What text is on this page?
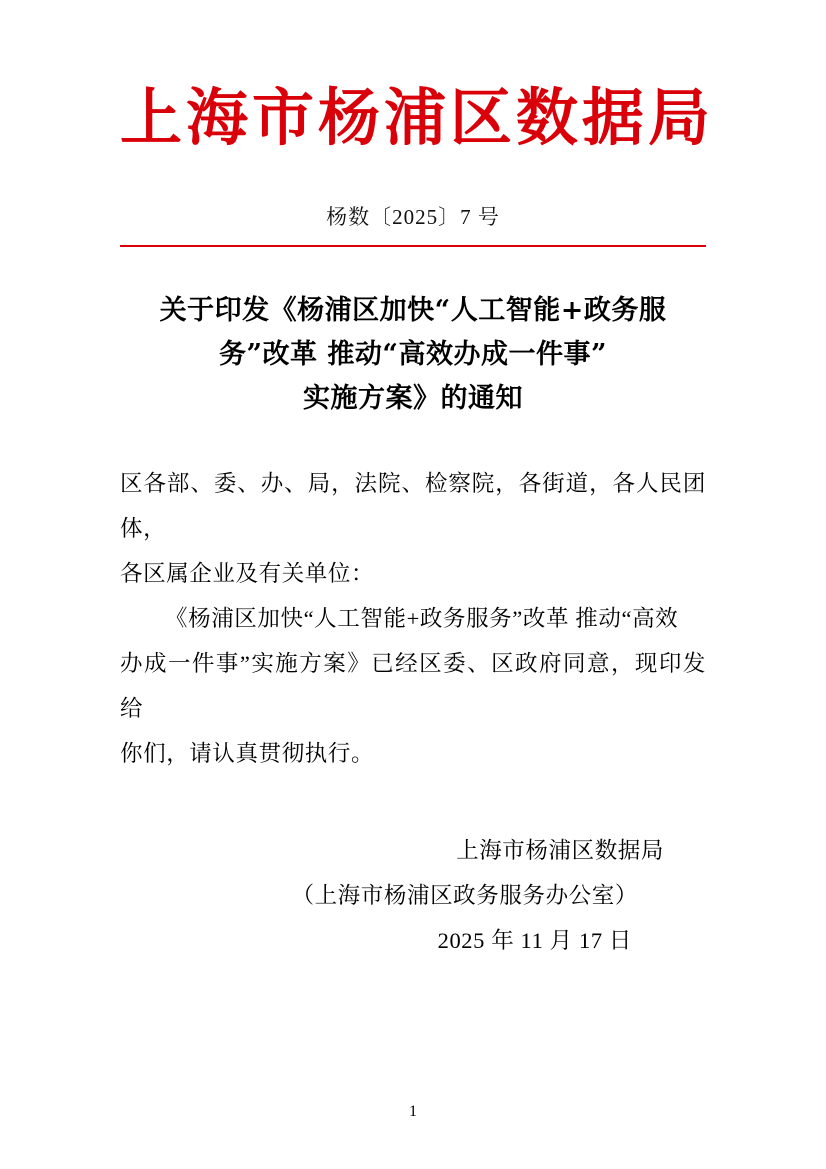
上海市杨浦区数据局
杨数〔2025〕7 号
关于印发《杨浦区加快“人工智能+政务服
务”改革 推动“高效办成一件事”
实施方案》的通知

区各部、委、办、局，法院、检察院，各街道，各人民团体，

各区属企业及有关单位：

《杨浦区加快“人工智能+政务服务”改革 推动“高效

办成一件事”实施方案》已经区委、区政府同意，现印发给

你们，请认真贯彻执行。

上海市杨浦区数据局
（上海市杨浦区政务服务办公室）
2025 年 11 月 17 日
1
